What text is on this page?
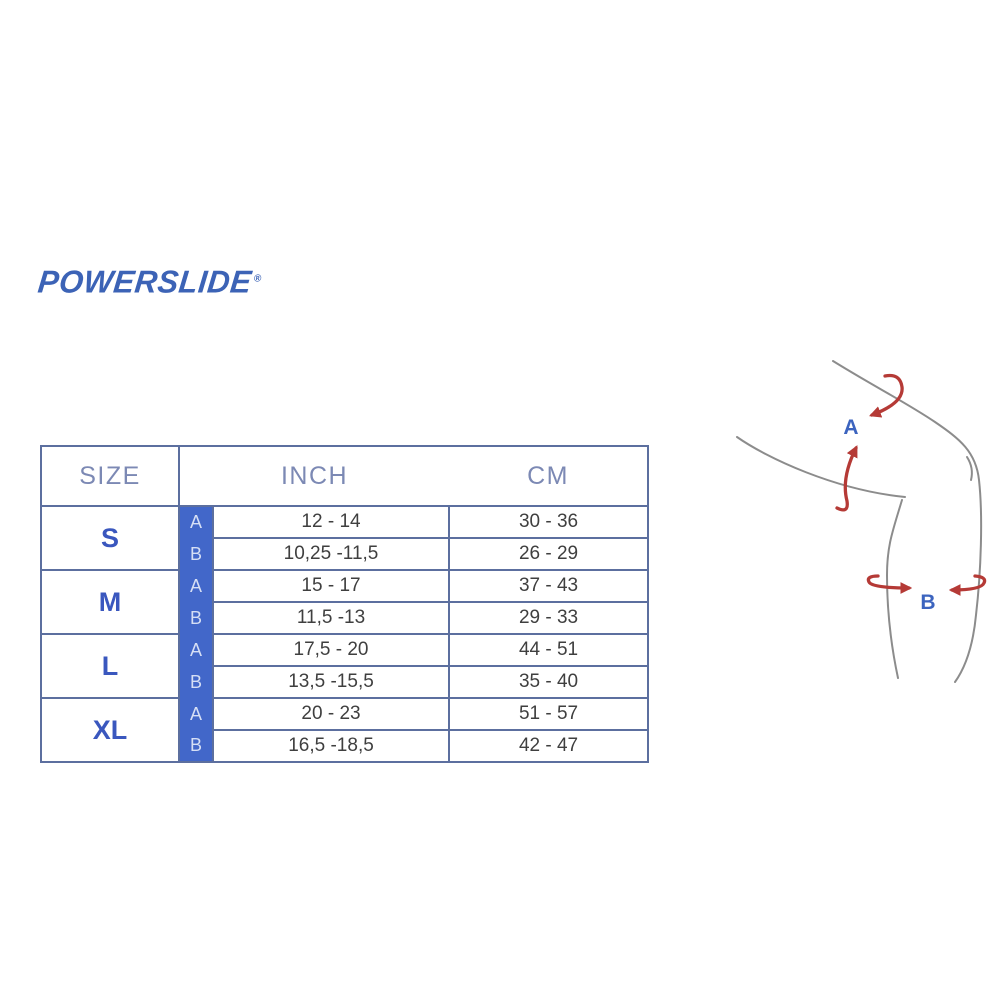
POWERSLIDE®
SIZE	INCH		CM
S	A	12 - 14	30 - 36
	B	10,25 -11,5	26 - 29
M	A	15 - 17	37 - 43
	B	11,5 -13	29 - 33
L	A	17,5 - 20	44 - 51
	B	13,5 -15,5	35 - 40
XL	A	20 - 23	51 - 57
	B	16,5 -18,5	42 - 47
A
B
